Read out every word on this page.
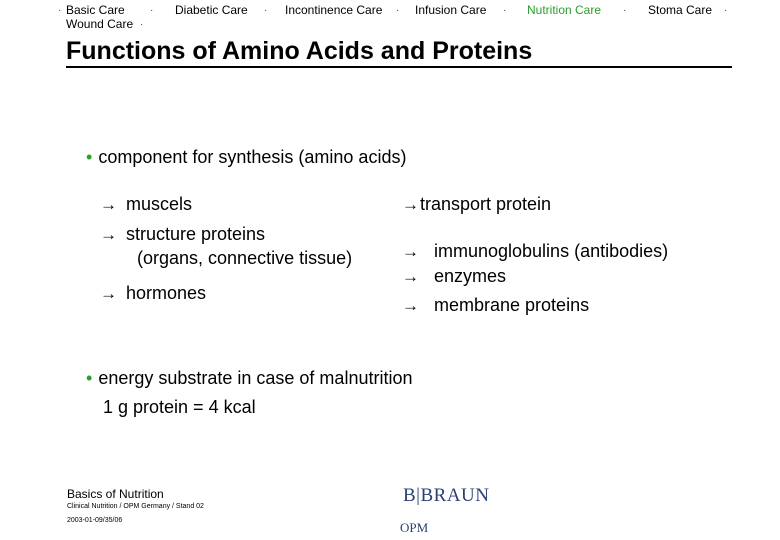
· Basic Care	· Diabetic Care · Incontinence Care · Infusion Care · Nutrition Care · Stoma Care ·
Wound Care ·
Functions of Amino Acids and Proteins
• component for synthesis (amino acids)
→ muscels
→ structure proteins
(organs, connective tissue)
→ hormones
→transport protein
→ immunoglobulins (antibodies)
→ enzymes
→ membrane proteins
• energy substrate in case of malnutrition
1 g protein = 4 kcal
Basics of Nutrition
Clinical Nutrition / OPM Germany / Stand 02
2003-01-09/35/06
B|BRAUN
OPM
